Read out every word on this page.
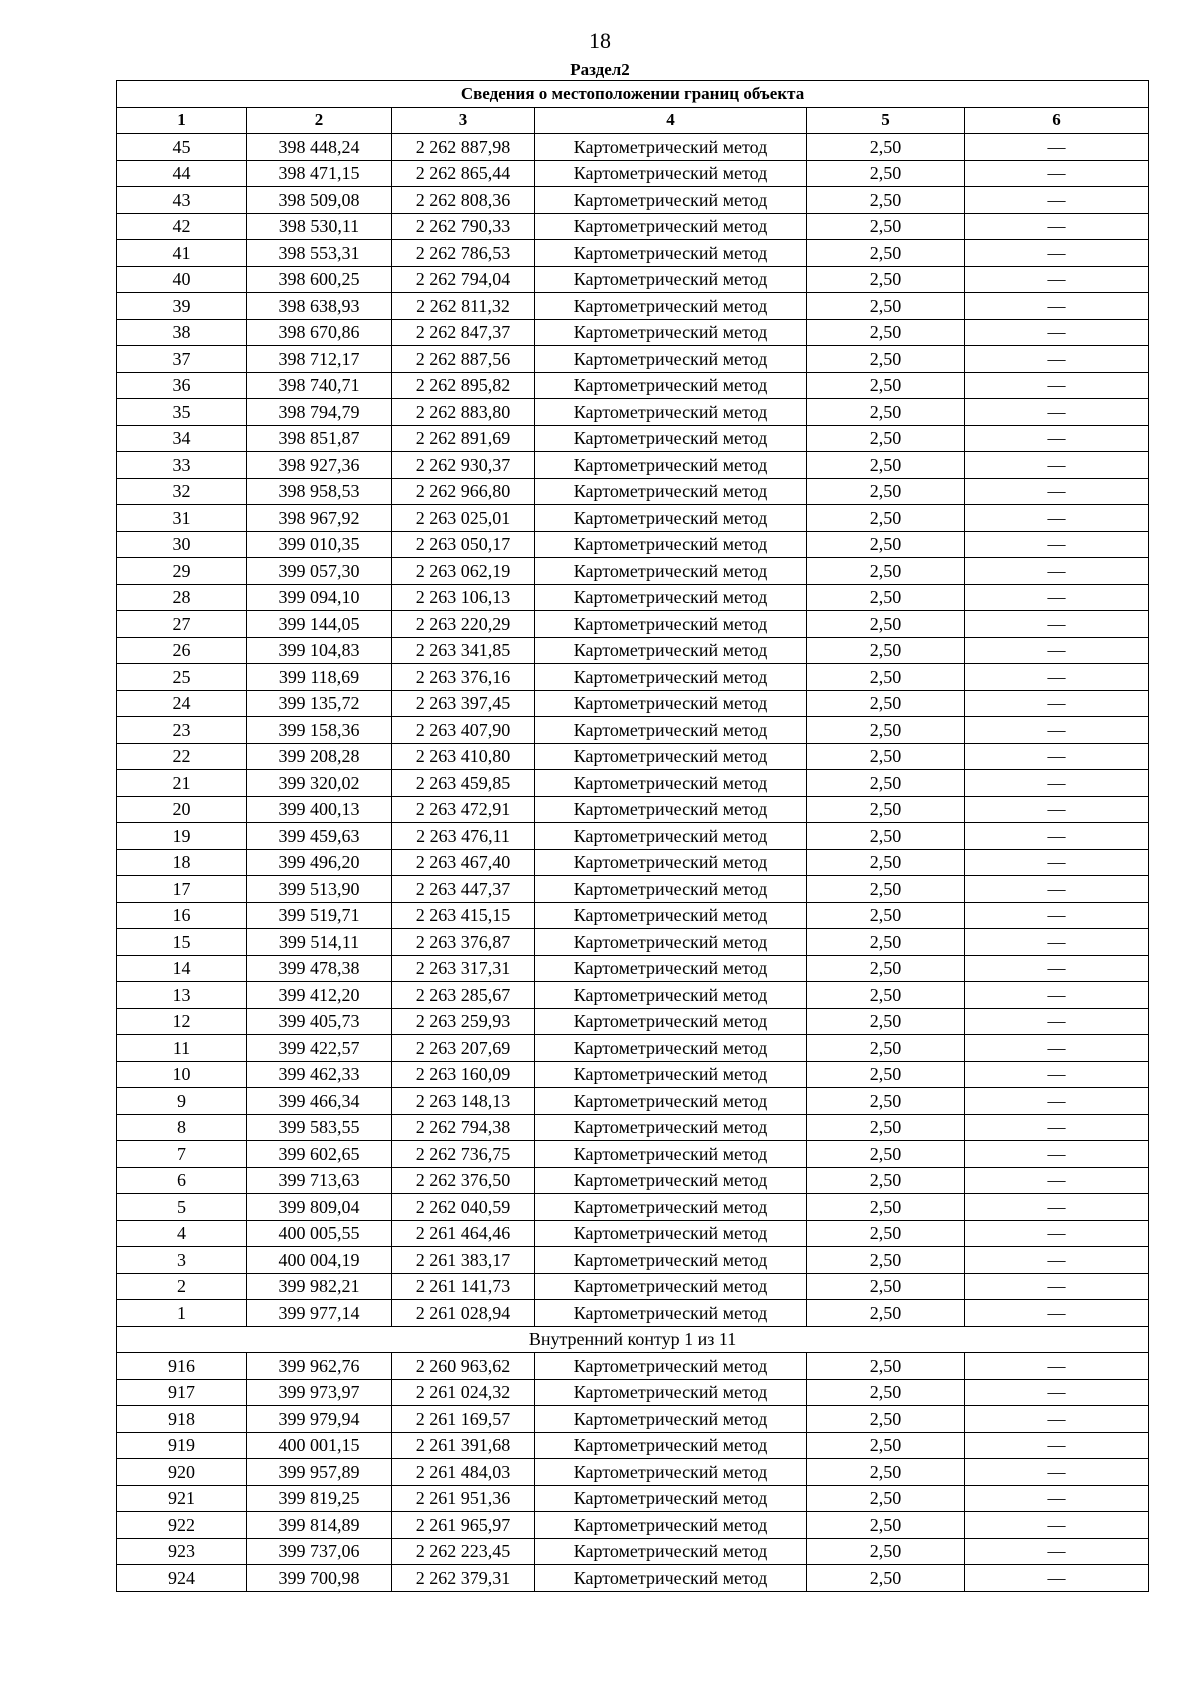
18
Раздел2
Сведения о местоположении границ объекта					
1	2	3	4	5	6
45	398 448,24	2 262 887,98	Картометрический метод	2,50	—
44	398 471,15	2 262 865,44	Картометрический метод	2,50	—
43	398 509,08	2 262 808,36	Картометрический метод	2,50	—
42	398 530,11	2 262 790,33	Картометрический метод	2,50	—
41	398 553,31	2 262 786,53	Картометрический метод	2,50	—
40	398 600,25	2 262 794,04	Картометрический метод	2,50	—
39	398 638,93	2 262 811,32	Картометрический метод	2,50	—
38	398 670,86	2 262 847,37	Картометрический метод	2,50	—
37	398 712,17	2 262 887,56	Картометрический метод	2,50	—
36	398 740,71	2 262 895,82	Картометрический метод	2,50	—
35	398 794,79	2 262 883,80	Картометрический метод	2,50	—
34	398 851,87	2 262 891,69	Картометрический метод	2,50	—
33	398 927,36	2 262 930,37	Картометрический метод	2,50	—
32	398 958,53	2 262 966,80	Картометрический метод	2,50	—
31	398 967,92	2 263 025,01	Картометрический метод	2,50	—
30	399 010,35	2 263 050,17	Картометрический метод	2,50	—
29	399 057,30	2 263 062,19	Картометрический метод	2,50	—
28	399 094,10	2 263 106,13	Картометрический метод	2,50	—
27	399 144,05	2 263 220,29	Картометрический метод	2,50	—
26	399 104,83	2 263 341,85	Картометрический метод	2,50	—
25	399 118,69	2 263 376,16	Картометрический метод	2,50	—
24	399 135,72	2 263 397,45	Картометрический метод	2,50	—
23	399 158,36	2 263 407,90	Картометрический метод	2,50	—
22	399 208,28	2 263 410,80	Картометрический метод	2,50	—
21	399 320,02	2 263 459,85	Картометрический метод	2,50	—
20	399 400,13	2 263 472,91	Картометрический метод	2,50	—
19	399 459,63	2 263 476,11	Картометрический метод	2,50	—
18	399 496,20	2 263 467,40	Картометрический метод	2,50	—
17	399 513,90	2 263 447,37	Картометрический метод	2,50	—
16	399 519,71	2 263 415,15	Картометрический метод	2,50	—
15	399 514,11	2 263 376,87	Картометрический метод	2,50	—
14	399 478,38	2 263 317,31	Картометрический метод	2,50	—
13	399 412,20	2 263 285,67	Картометрический метод	2,50	—
12	399 405,73	2 263 259,93	Картометрический метод	2,50	—
11	399 422,57	2 263 207,69	Картометрический метод	2,50	—
10	399 462,33	2 263 160,09	Картометрический метод	2,50	—
9	399 466,34	2 263 148,13	Картометрический метод	2,50	—
8	399 583,55	2 262 794,38	Картометрический метод	2,50	—
7	399 602,65	2 262 736,75	Картометрический метод	2,50	—
6	399 713,63	2 262 376,50	Картометрический метод	2,50	—
5	399 809,04	2 262 040,59	Картометрический метод	2,50	—
4	400 005,55	2 261 464,46	Картометрический метод	2,50	—
3	400 004,19	2 261 383,17	Картометрический метод	2,50	—
2	399 982,21	2 261 141,73	Картометрический метод	2,50	—
1	399 977,14	2 261 028,94	Картометрический метод	2,50	—
Внутренний контур 1 из 11					
916	399 962,76	2 260 963,62	Картометрический метод	2,50	—
917	399 973,97	2 261 024,32	Картометрический метод	2,50	—
918	399 979,94	2 261 169,57	Картометрический метод	2,50	—
919	400 001,15	2 261 391,68	Картометрический метод	2,50	—
920	399 957,89	2 261 484,03	Картометрический метод	2,50	—
921	399 819,25	2 261 951,36	Картометрический метод	2,50	—
922	399 814,89	2 261 965,97	Картометрический метод	2,50	—
923	399 737,06	2 262 223,45	Картометрический метод	2,50	—
924	399 700,98	2 262 379,31	Картометрический метод	2,50	—
